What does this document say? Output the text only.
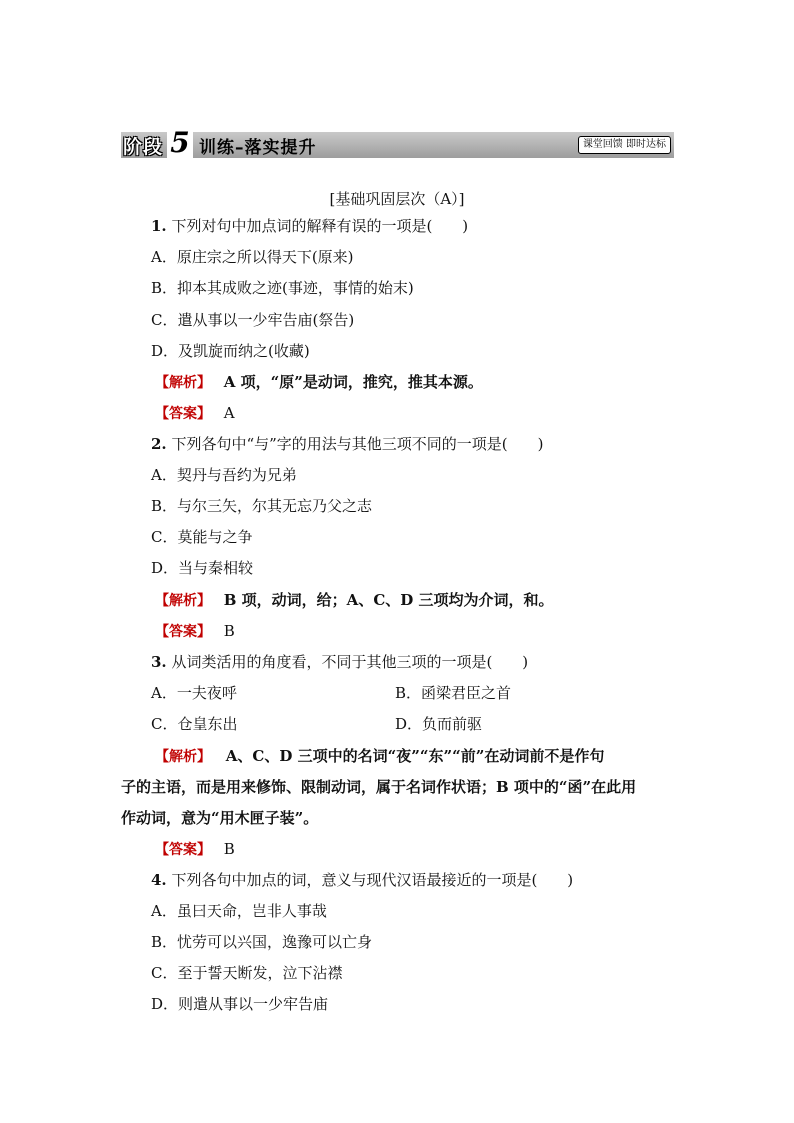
阶段 5 训练–落实提升	课堂回馈 即时达标
[基础巩固层次（A）]
1. 下列对句中加点词的解释有误的一项是(　　)
A．原庄宗之所以得天下(原来)
B．抑本其成败之迹(事迹，事情的始末)
C．遣从事以一少牢告庙(祭告)
D．及凯旋而纳之(收藏)
【解析】 A 项，“原”是动词，推究，推其本源。
【答案】 A
2. 下列各句中“与”字的用法与其他三项不同的一项是(　　)
A．契丹与吾约为兄弟
B．与尔三矢，尔其无忘乃父之志
C．莫能与之争
D．当与秦相较
【解析】 B 项，动词，给；A、C、D 三项均为介词，和。
【答案】 B
3. 从词类活用的角度看，不同于其他三项的一项是(　　)
A．一夫夜呼	B．函梁君臣之首
C．仓皇东出	D．负而前驱
【解析】 A、C、D 三项中的名词“夜”“东”“前”在动词前不是作句
子的主语，而是用来修饰、限制动词，属于名词作状语；B 项中的“函”在此用
作动词，意为“用木匣子装”。
【答案】 B
4. 下列各句中加点的词，意义与现代汉语最接近的一项是(　　)
A．虽曰天命，岂非人事哉
B．忧劳可以兴国，逸豫可以亡身
C．至于誓天断发，泣下沾襟
D．则遣从事以一少牢告庙
